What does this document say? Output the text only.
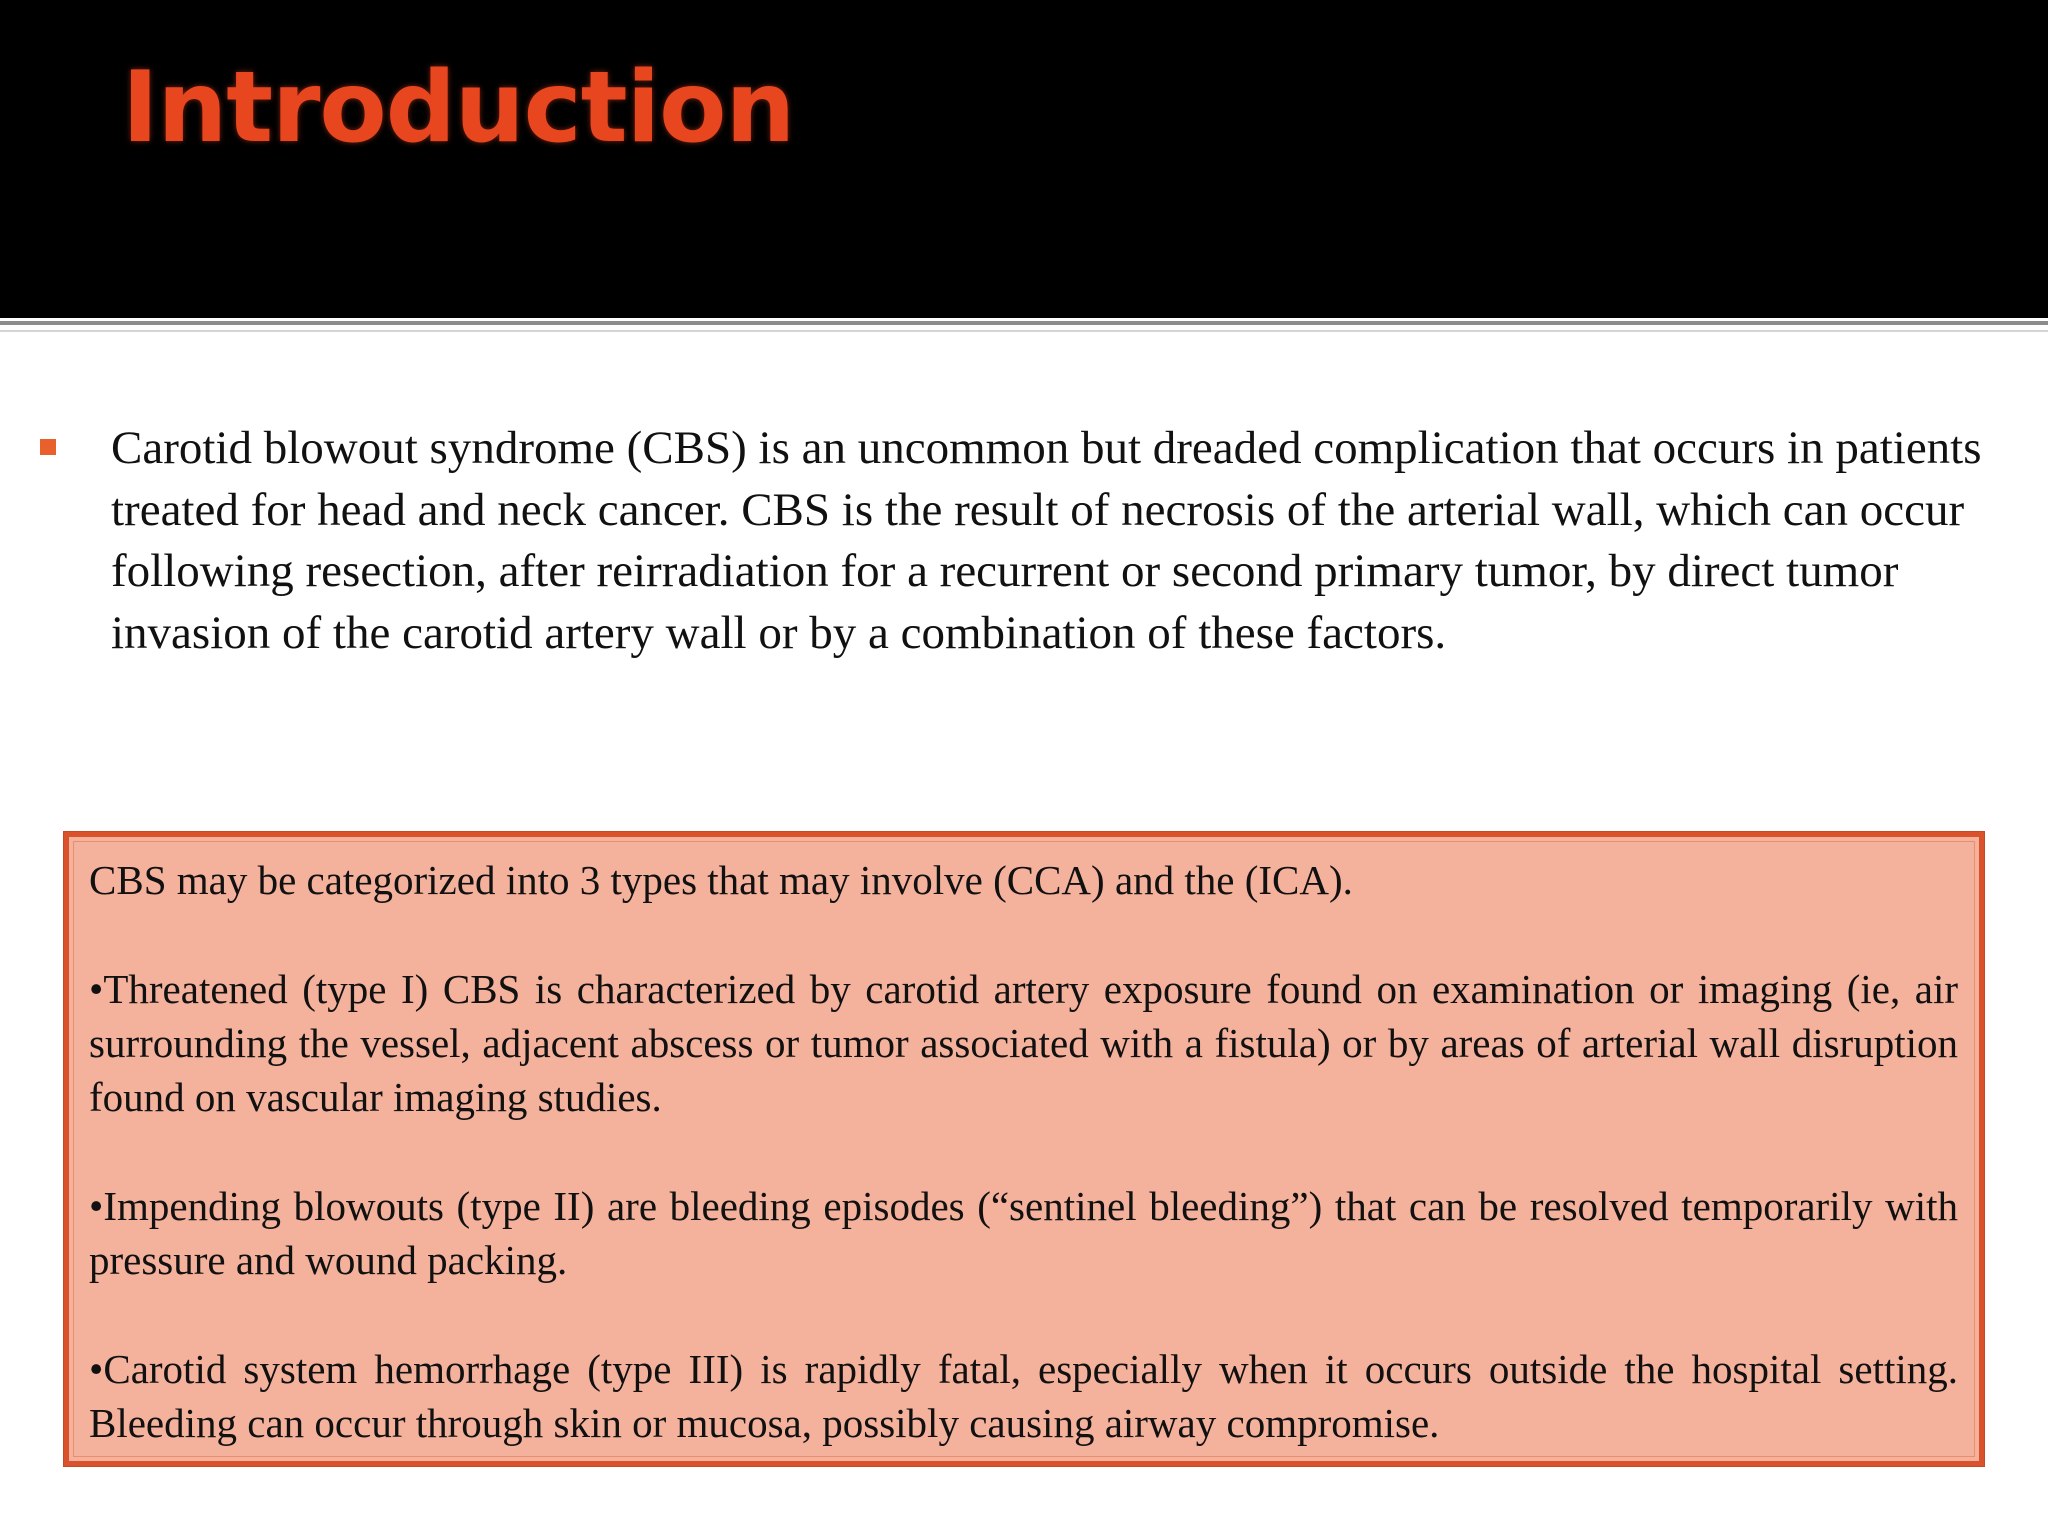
Introduction

Carotid blowout syndrome (CBS) is an uncommon but dreaded complication that occurs in patients treated for head and neck cancer. CBS is the result of necrosis of the arterial wall, which can occur following resection, after reirradiation for a recurrent or second primary tumor, by direct tumor invasion of the carotid artery wall or by a combination of these factors.

CBS may be categorized into 3 types that may involve (CCA) and the (ICA).

•Threatened (type I) CBS is characterized by carotid artery exposure found on examination or imaging (ie, air surrounding the vessel, adjacent abscess or tumor associated with a fistula) or by areas of arterial wall disruption found on vascular imaging studies.

•Impending blowouts (type II) are bleeding episodes (“sentinel bleeding”) that can be resolved temporarily with pressure and wound packing.

•Carotid system hemorrhage (type III) is rapidly fatal, especially when it occurs outside the hospital setting. Bleeding can occur through skin or mucosa, possibly causing airway compromise.
